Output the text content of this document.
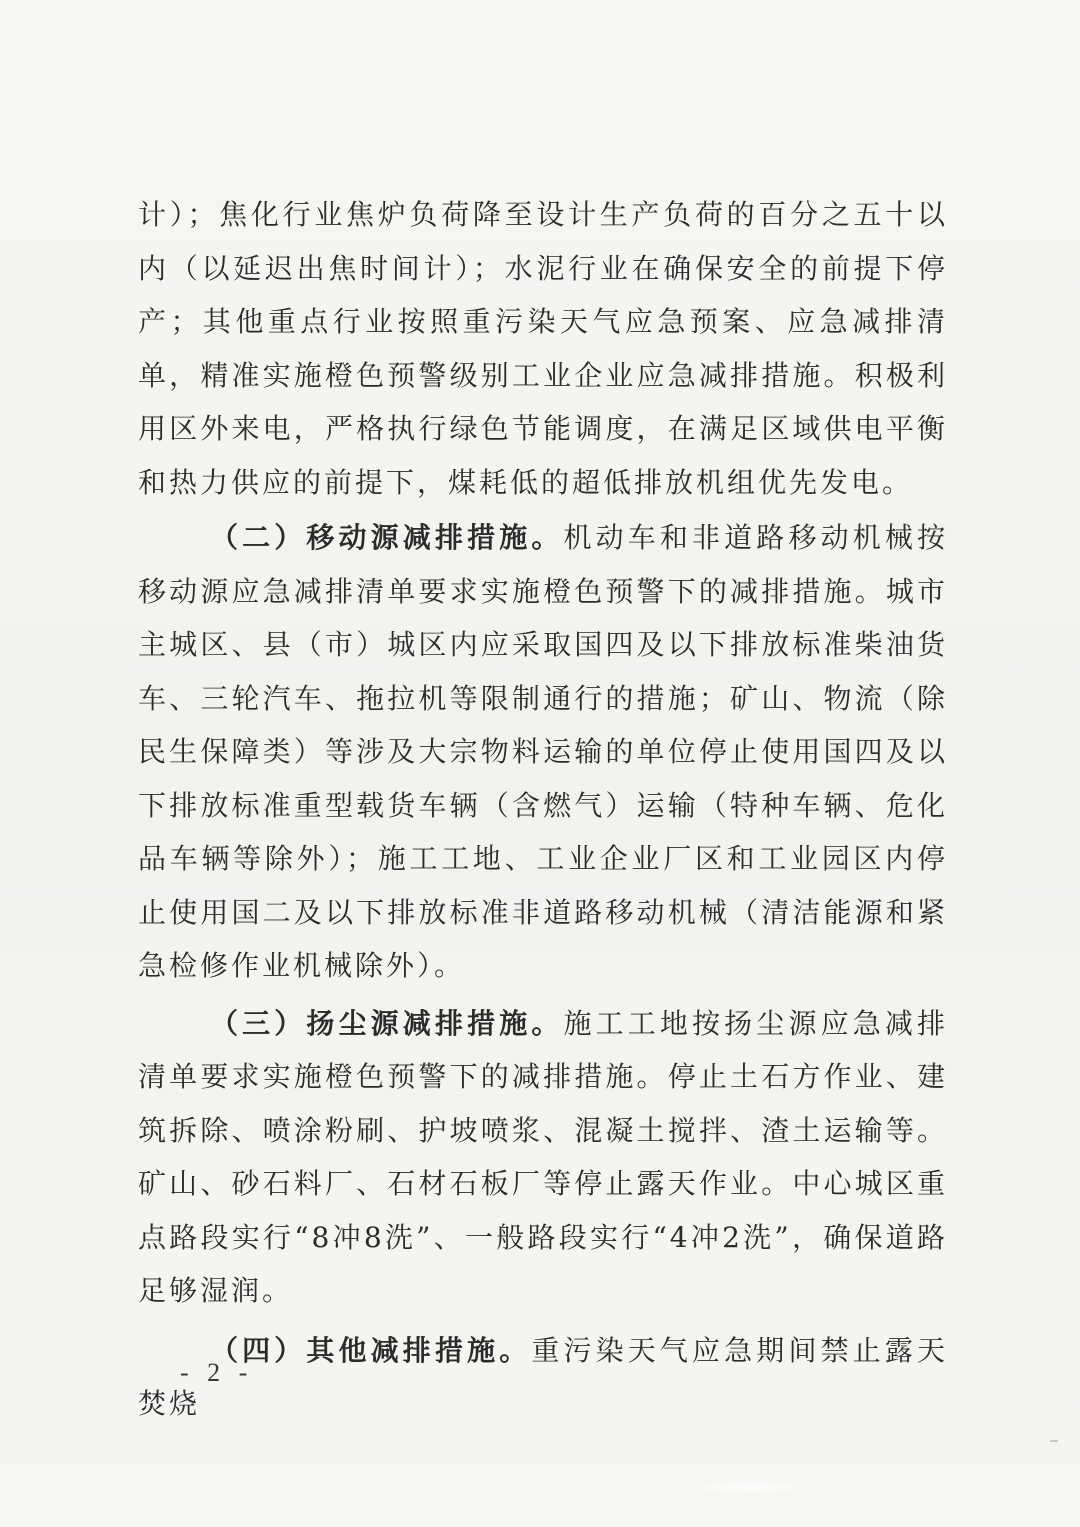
计）；焦化行业焦炉负荷降至设计生产负荷的百分之五十以内（以延迟出焦时间计）；水泥行业在确保安全的前提下停产；其他重点行业按照重污染天气应急预案、应急减排清单，精准实施橙色预警级别工业企业应急减排措施。积极利用区外来电，严格执行绿色节能调度，在满足区域供电平衡和热力供应的前提下，煤耗低的超低排放机组优先发电。

（二）移动源减排措施。机动车和非道路移动机械按移动源应急减排清单要求实施橙色预警下的减排措施。城市主城区、县（市）城区内应采取国四及以下排放标准柴油货车、三轮汽车、拖拉机等限制通行的措施；矿山、物流（除民生保障类）等涉及大宗物料运输的单位停止使用国四及以下排放标准重型载货车辆（含燃气）运输（特种车辆、危化品车辆等除外）；施工工地、工业企业厂区和工业园区内停止使用国二及以下排放标准非道路移动机械（清洁能源和紧急检修作业机械除外）。

（三）扬尘源减排措施。施工工地按扬尘源应急减排清单要求实施橙色预警下的减排措施。停止土石方作业、建筑拆除、喷涂粉刷、护坡喷浆、混凝土搅拌、渣土运输等。矿山、砂石料厂、石材石板厂等停止露天作业。中心城区重点路段实行“8冲8洗”、一般路段实行“4冲2洗”，确保道路足够湿润。

（四）其他减排措施。重污染天气应急期间禁止露天焚烧

- 2 -
